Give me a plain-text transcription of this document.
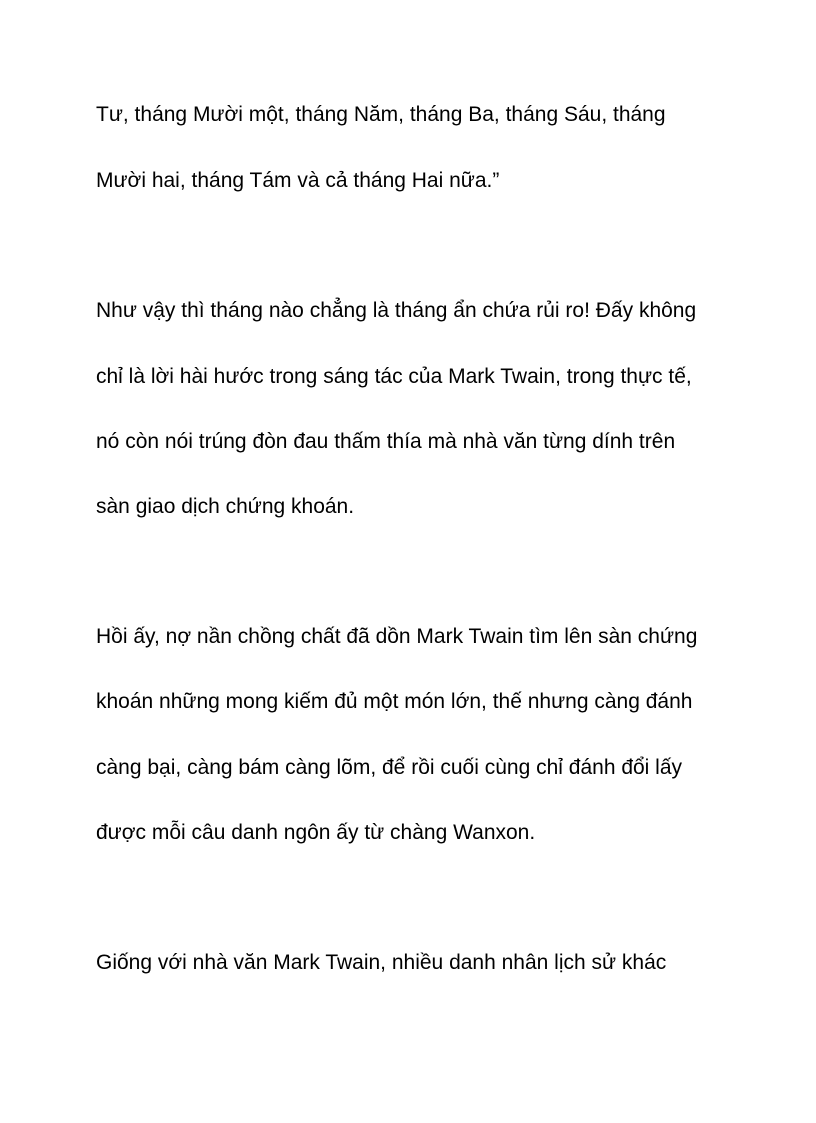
Tư, tháng Mười một, tháng Năm, tháng Ba, tháng Sáu, tháng

Mười hai, tháng Tám và cả tháng Hai nữa.”

Như vậy thì tháng nào chẳng là tháng ẩn chứa rủi ro! Đấy không

chỉ là lời hài hước trong sáng tác của Mark Twain, trong thực tế,

nó còn nói trúng đòn đau thấm thía mà nhà văn từng dính trên

sàn giao dịch chứng khoán.

Hồi ấy, nợ nần chồng chất đã dồn Mark Twain tìm lên sàn chứng

khoán những mong kiếm đủ một món lớn, thế nhưng càng đánh

càng bại, càng bám càng lõm, để rồi cuối cùng chỉ đánh đổi lấy

được mỗi câu danh ngôn ấy từ chàng Wanxon.

Giống với nhà văn Mark Twain, nhiều danh nhân lịch sử khác
